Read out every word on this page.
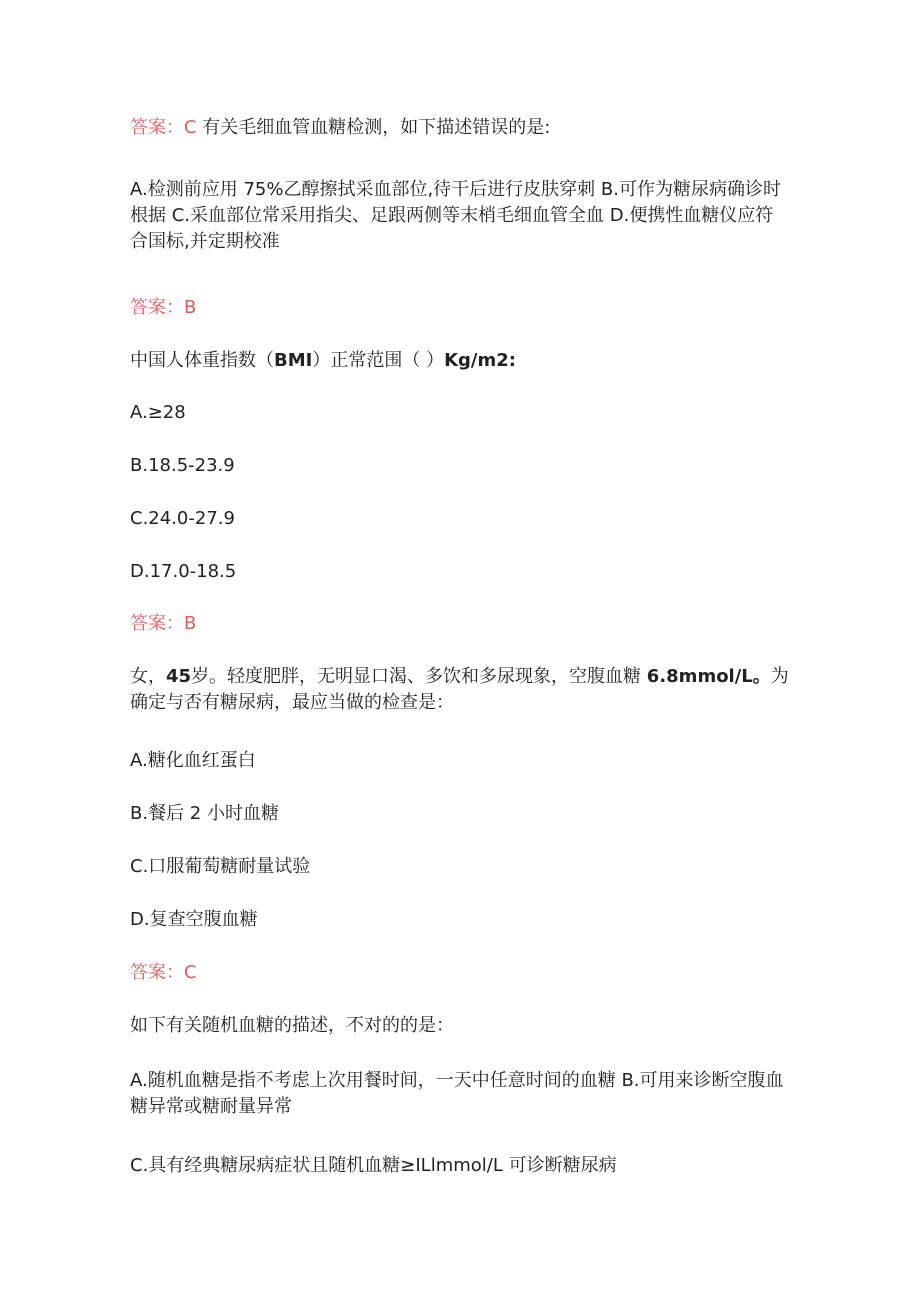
答案：C 有关毛细血管血糖检测，如下描述错误的是:
A.检测前应用 75%乙醇擦拭采血部位,待干后进行皮肤穿刺 B.可作为糖尿病确诊时根据 C.采血部位常采用指尖、足跟两侧等末梢毛细血管全血 D.便携性血糖仪应符合国标,并定期校准
答案：B
中国人体重指数（BMI）正常范围（ ）Kg/m2:
A.≥28
B.18.5-23.9
C.24.0-27.9
D.17.0-18.5
答案：B
女，45岁。轻度肥胖，无明显口渴、多饮和多尿现象，空腹血糖 6.8mmol/L。为确定与否有糖尿病，最应当做的检查是：
A.糖化血红蛋白
B.餐后 2 小时血糖
C.口服葡萄糖耐量试验
D.复查空腹血糖
答案：C
如下有关随机血糖的描述，不对的的是：
A.随机血糖是指不考虑上次用餐时间，一天中任意时间的血糖 B.可用来诊断空腹血糖异常或糖耐量异常
C.具有经典糖尿病症状且随机血糖≥ILlmmol/L 可诊断糖尿病
